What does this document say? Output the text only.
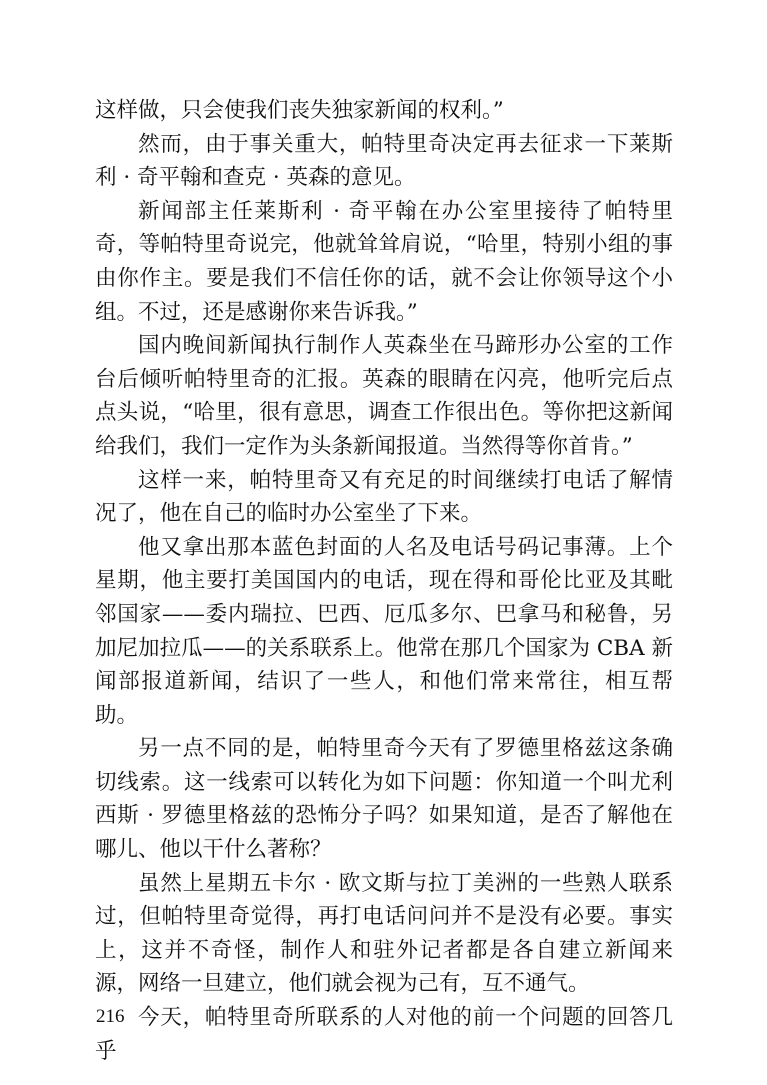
这样做，只会使我们丧失独家新闻的权利。”

然而，由于事关重大，帕特里奇决定再去征求一下莱斯利 · 奇平翰和查克 · 英森的意见。

新闻部主任莱斯利 · 奇平翰在办公室里接待了帕特里奇，等帕特里奇说完，他就耸耸肩说，“哈里，特别小组的事由你作主。要是我们不信任你的话，就不会让你领导这个小组。不过，还是感谢你来告诉我。”

国内晚间新闻执行制作人英森坐在马蹄形办公室的工作台后倾听帕特里奇的汇报。英森的眼睛在闪亮，他听完后点点头说，“哈里，很有意思，调查工作很出色。等你把这新闻给我们，我们一定作为头条新闻报道。当然得等你首肯。”

这样一来，帕特里奇又有充足的时间继续打电话了解情况了，他在自己的临时办公室坐了下来。

他又拿出那本蓝色封面的人名及电话号码记事薄。上个星期，他主要打美国国内的电话，现在得和哥伦比亚及其毗邻国家——委内瑞拉、巴西、厄瓜多尔、巴拿马和秘鲁，另加尼加拉瓜——的关系联系上。他常在那几个国家为 CBA 新闻部报道新闻，结识了一些人，和他们常来常往，相互帮助。

另一点不同的是，帕特里奇今天有了罗德里格兹这条确切线索。这一线索可以转化为如下问题：你知道一个叫尤利西斯 · 罗德里格兹的恐怖分子吗？如果知道，是否了解他在哪儿、他以干什么著称？

虽然上星期五卡尔 · 欧文斯与拉丁美洲的一些熟人联系过，但帕特里奇觉得，再打电话问问并不是没有必要。事实上，这并不奇怪，制作人和驻外记者都是各自建立新闻来源，网络一旦建立，他们就会视为己有，互不通气。

今天，帕特里奇所联系的人对他的前一个问题的回答几乎

216
